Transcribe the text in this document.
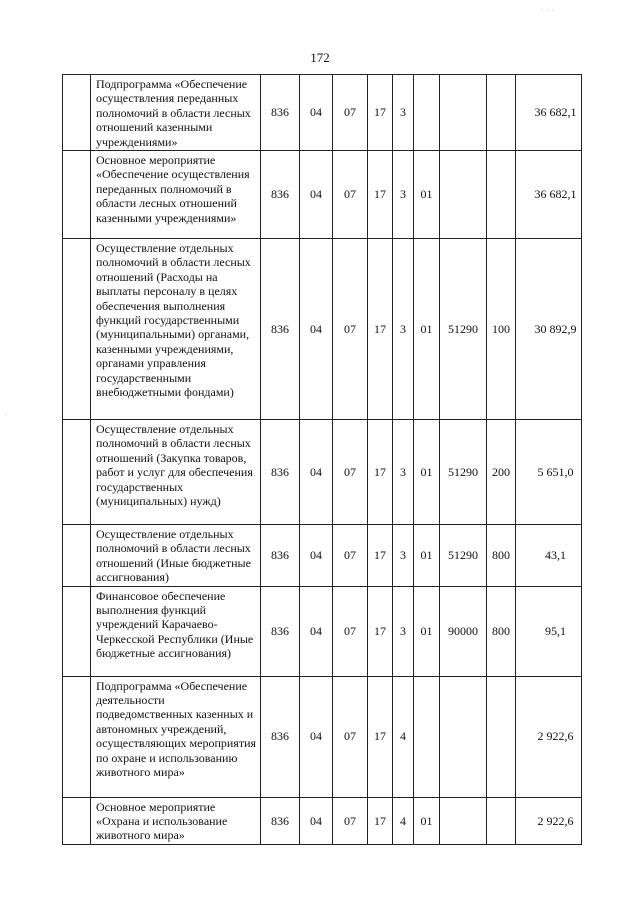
172
	Подпрограмма «Обеспечение осуществления переданных полномочий в области лесных отношений казенными учреждениями»	836	04	07	17	3				36 682,1
	Основное мероприятие «Обеспечение осуществления переданных полномочий в области лесных отношений казенными учреждениями»	836	04	07	17	3	01			36 682,1
	Осуществление отдельных полномочий в области лесных отношений (Расходы на выплаты персоналу в целях обеспечения выполнения функций государственными (муниципальными) органами, казенными учреждениями, органами управления государственными внебюджетными фондами)	836	04	07	17	3	01	51290	100	30 892,9
	Осуществление отдельных полномочий в области лесных отношений (Закупка товаров, работ и услуг для обеспечения государственных (муниципальных) нужд)	836	04	07	17	3	01	51290	200	5 651,0
	Осуществление отдельных полномочий в области лесных отношений (Иные бюджетные ассигнования)	836	04	07	17	3	01	51290	800	43,1
	Финансовое обеспечение выполнения функций учреждений Карачаево-Черкесской Республики (Иные бюджетные ассигнования)	836	04	07	17	3	01	90000	800	95,1
	Подпрограмма «Обеспечение деятельности подведомственных казенных и автономных учреждений, осуществляющих мероприятия по охране и использованию животного мира»	836	04	07	17	4				2 922,6
	Основное мероприятие «Охрана и использование животного мира»	836	04	07	17	4	01			2 922,6
· · ·
·
